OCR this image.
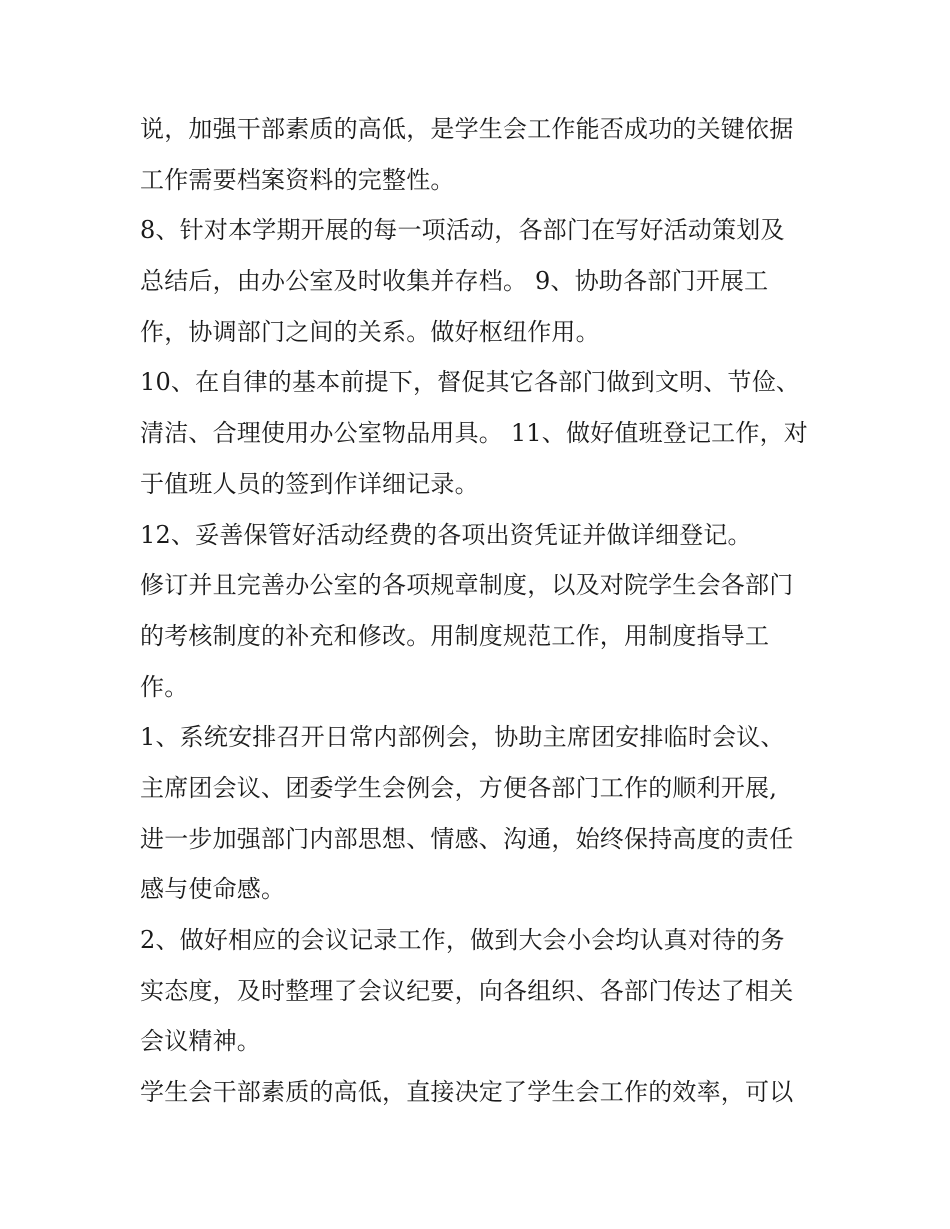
说，加强干部素质的高低，是学生会工作能否成功的关键依据
工作需要档案资料的完整性。
8、针对本学期开展的每一项活动，各部门在写好活动策划及
总结后，由办公室及时收集并存档。 9、协助各部门开展工
作，协调部门之间的关系。做好枢纽作用。
10、在自律的基本前提下，督促其它各部门做到文明、节俭、
清洁、合理使用办公室物品用具。 11、做好值班登记工作，对
于值班人员的签到作详细记录。
12、妥善保管好活动经费的各项出资凭证并做详细登记。
修订并且完善办公室的各项规章制度，以及对院学生会各部门
的考核制度的补充和修改。用制度规范工作，用制度指导工
作。
1、系统安排召开日常内部例会，协助主席团安排临时会议、
主席团会议、团委学生会例会，方便各部门工作的顺利开展,
进一步加强部门内部思想、情感、沟通，始终保持高度的责任
感与使命感。
2、做好相应的会议记录工作，做到大会小会均认真对待的务
实态度，及时整理了会议纪要，向各组织、各部门传达了相关
会议精神。
学生会干部素质的高低，直接决定了学生会工作的效率，可以
